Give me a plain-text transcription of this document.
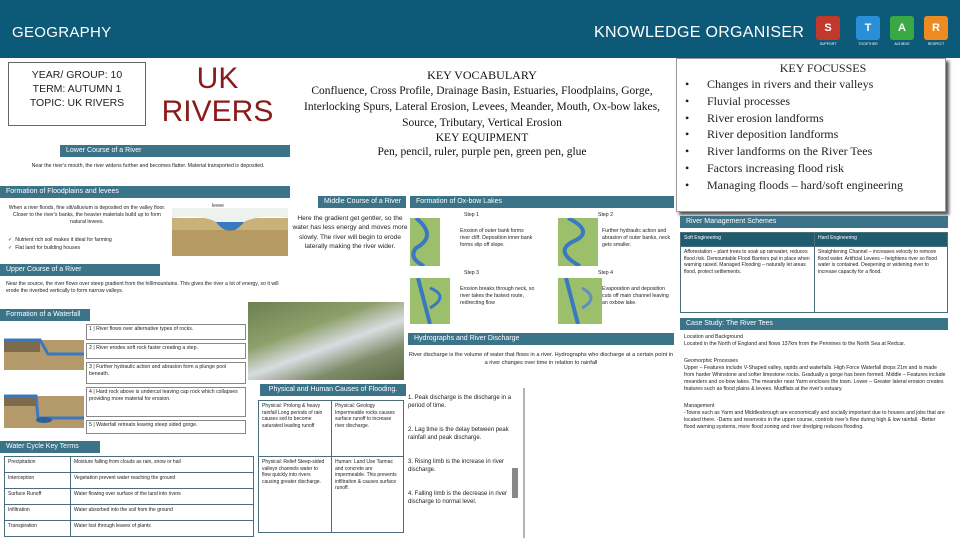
GEOGRAPHY	KNOWLEDGE ORGANISER	S
SUPPORT
T
TOGETHER
A
ACHIEVE
R
RESPECT
YEAR/ GROUP: 10
TERM: AUTUMN 1
TOPIC: UK RIVERS
UK
RIVERS
KEY VOCABULARY
Confluence, Cross Profile, Drainage Basin, Estuaries, Floodplains, Gorge, Interlocking Spurs, Lateral Erosion, Levees, Meander, Mouth, Ox-bow lakes, Source, Tributary, Vertical Erosion
KEY EQUIPMENT
Pen, pencil, ruler, purple pen, green pen, glue
KEY FOCUSSES
• Changes in rivers and their valleys
• Fluvial processes
• River erosion landforms
• River deposition landforms
• River landforms on the River Tees
• Factors increasing flood risk
• Managing floods – hard/soft engineering
Lower Course of a River
Near the river's mouth, the river widens further and becomes flatter. Material transported is deposited.
Formation of Floodplains and levees
When a river floods, fine silt/alluvium is deposited on the valley floor. Closer to the river's banks, the heavier materials build up to form natural levees.
✓  Nutrient rich soil makes it ideal for farming
✓  Flat land for building houses
levee
Upper Course of a River
Near the source, the river flows over steep gradient from the hill/mountains. This gives the river a lot of energy, so it will erode the riverbed vertically to form narrow valleys.
Formation of a Waterfall
1 | River flows over alternative types of rocks.
2 | River erodes soft rock faster creating a step.
3 | Further hydraulic action and abrasion form a plunge pool beneath.
4 | Hard rock above is undercut leaving cap rock which collapses providing more material for erosion.
5 | Waterfall retreats leaving steep sided gorge.
Water Cycle Key Terms
Precipitation	Moisture falling from clouds as rain, snow or hail
Interception	Vegetation prevent water reaching the ground
Surface Runoff	Water flowing over surface of the land into rivers
Infiltration	Water absorbed into the soil from the ground
Transpiration	Water lost through leaves of plants
Middle Course of a River
Here the gradient get gentler, so the water has less energy and moves more slowly. The river will begin to erode laterally making the river wider.
Formation of Ox-bow Lakes
Step 1
Erosion of outer bank forms river cliff. Deposition inner bank forms slip off slope.
Step 2
Further hydraulic action and abrasion of outer banks, neck gets smaller.
Step 3
Erosion breaks through neck, so river takes the fastest route, redirecting flow
Step 4
Evaporation and deposition cuts off main channel leaving an oxbow lake.
Hydrographs and River Discharge
River discharge is the volume of water that flows in a river. Hydrographs who discharge at a certain point in a river changes over time in relation to rainfall
1. Peak discharge is the discharge in a period of time.
2. Lag time is the delay between peak rainfall and peak discharge.
3. Rising limb is the increase in river discharge.
4. Falling limb is the decrease in river discharge to normal level.
Physical and Human Causes of Flooding.
Physical: Prolong & heavy rainfall Long periods of rain causes soil to become saturated leading runoff	Physical: Geology Impermeable rocks causes surface runoff to increase river discharge.
Physical: Relief Steep-sided valleys channels water to flow quickly into rivers causing greater discharge.	Human: Land Use Tarmac and concrete are impermeable. This prevents infiltration & causes surface runoff.
River Management Schemes
Soft Engineering	Hard Engineering
Afforestation – plant trees to soak up rainwater, reduces flood risk. Demountable Flood Barriers put in place when warning raised. Managed Flooding – naturally let areas flood, protect settlements.	Straightening Channel – increases velocity to remove flood water. Artificial Levees – heightens river so flood water is contained. Deepening or widening river to increase capacity for a flood.
Case Study: The River Tees
Location and Background
Located in the North of England and flows 137km from the Pennines to the North Sea at Redcar.
Geomorphic Processes
Upper – Features include V-Shaped valley, rapids and waterfalls. High Force Waterfall drops 21m and is made from harder Whinstone and softer limestone rocks. Gradually a gorge has been formed. Middle – Features include meanders and ox-bow lakes. The meander near Yarm encloses the town. Lower – Greater lateral erosion creates features such as flood plains & levees. Mudflats at the river's estuary.
Management
-Towns such as Yarm and Middlesbrough are economically and socially important due to houses and jobs that are located there. -Dams and reservoirs in the upper course, controls river's flow during high & low rainfall. -Better flood warning systems, more flood zoning and river dredging reduces flooding.
